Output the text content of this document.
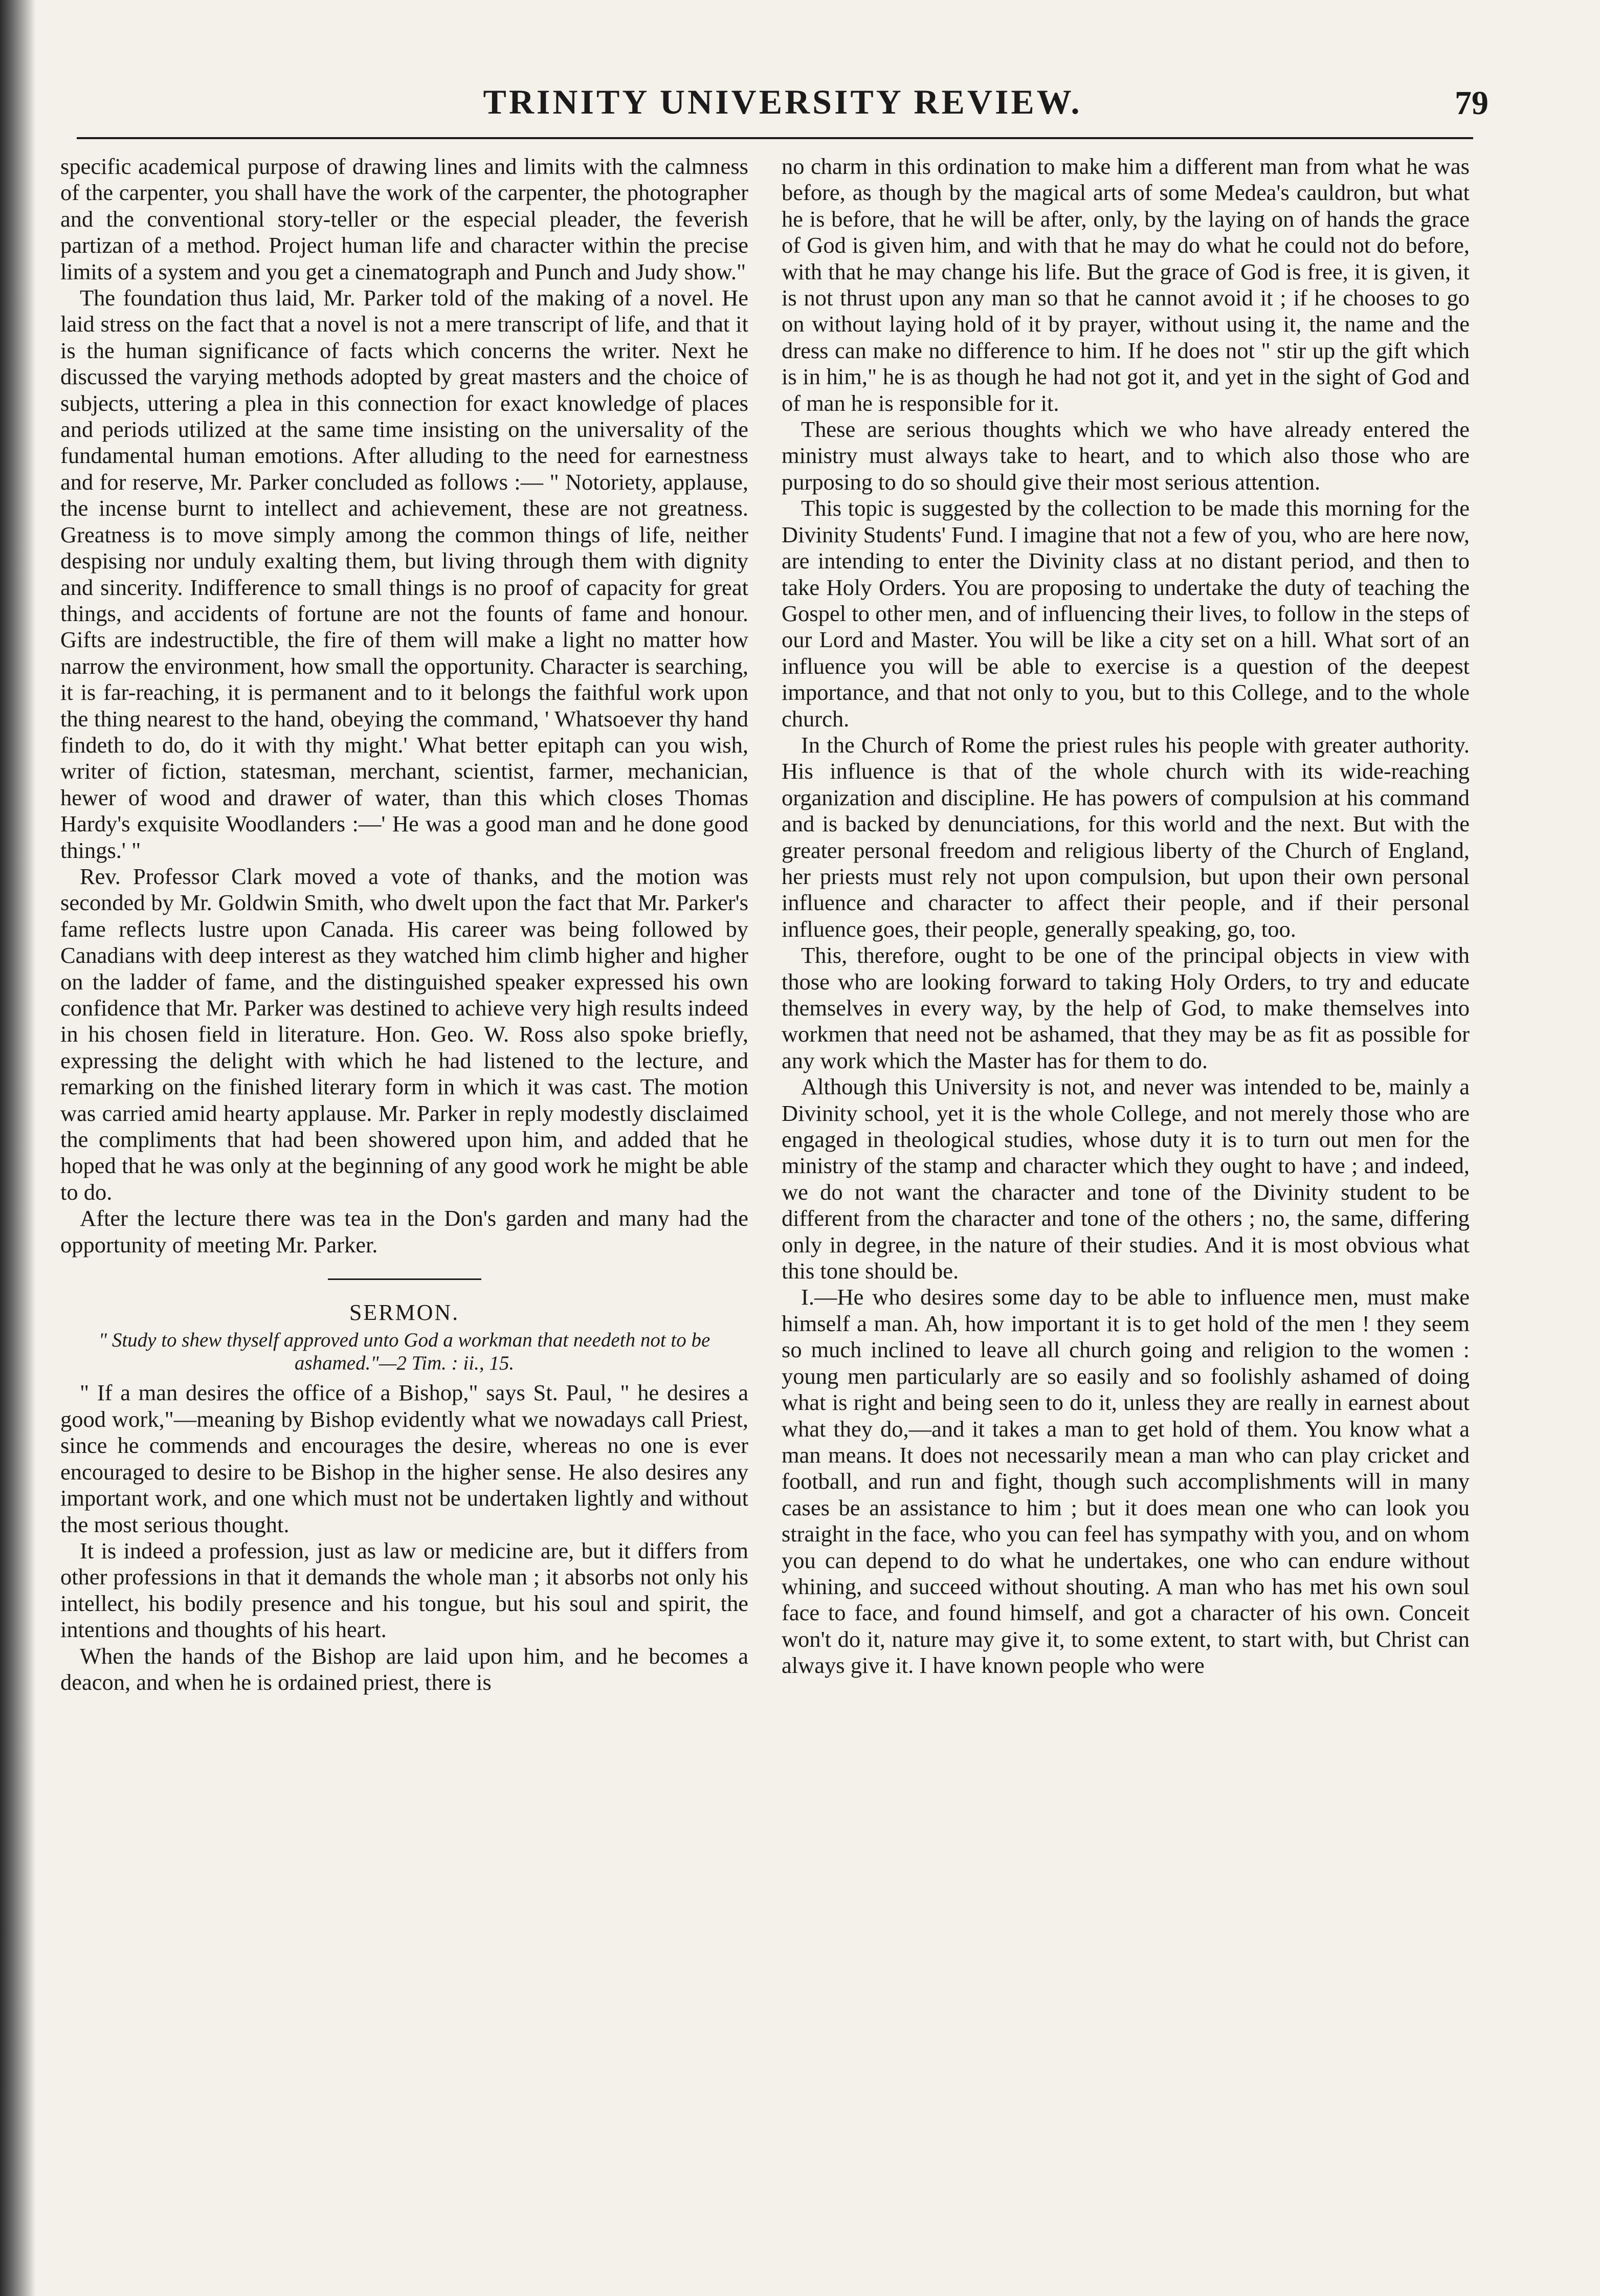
TRINITY UNIVERSITY REVIEW.	79

specific academical purpose of drawing lines and limits with the calmness of the carpenter, you shall have the work of the carpenter, the photographer and the conventional story-teller or the especial pleader, the feverish partizan of a method. Project human life and character within the precise limits of a system and you get a cinematograph and Punch and Judy show."

The foundation thus laid, Mr. Parker told of the making of a novel. He laid stress on the fact that a novel is not a mere transcript of life, and that it is the human significance of facts which concerns the writer. Next he discussed the varying methods adopted by great masters and the choice of subjects, uttering a plea in this connection for exact knowledge of places and periods utilized at the same time insisting on the universality of the fundamental human emotions. After alluding to the need for earnestness and for reserve, Mr. Parker concluded as follows :— " Notoriety, applause, the incense burnt to intellect and achievement, these are not greatness. Greatness is to move simply among the common things of life, neither despising nor unduly exalting them, but living through them with dignity and sincerity. Indifference to small things is no proof of capacity for great things, and accidents of fortune are not the founts of fame and honour. Gifts are indestructible, the fire of them will make a light no matter how narrow the environment, how small the opportunity. Character is searching, it is far-reaching, it is permanent and to it belongs the faithful work upon the thing nearest to the hand, obeying the command, ' Whatsoever thy hand findeth to do, do it with thy might.' What better epitaph can you wish, writer of fiction, statesman, merchant, scientist, farmer, mechanician, hewer of wood and drawer of water, than this which closes Thomas Hardy's exquisite Woodlanders :—' He was a good man and he done good things.' "

Rev. Professor Clark moved a vote of thanks, and the motion was seconded by Mr. Goldwin Smith, who dwelt upon the fact that Mr. Parker's fame reflects lustre upon Canada. His career was being followed by Canadians with deep interest as they watched him climb higher and higher on the ladder of fame, and the distinguished speaker expressed his own confidence that Mr. Parker was destined to achieve very high results indeed in his chosen field in literature. Hon. Geo. W. Ross also spoke briefly, expressing the delight with which he had listened to the lecture, and remarking on the finished literary form in which it was cast. The motion was carried amid hearty applause. Mr. Parker in reply modestly disclaimed the compliments that had been showered upon him, and added that he hoped that he was only at the beginning of any good work he might be able to do.

After the lecture there was tea in the Don's garden and many had the opportunity of meeting Mr. Parker.

SERMON.
" Study to shew thyself approved unto God a workman that needeth not to be ashamed."—2 Tim. : ii., 15.

" If a man desires the office of a Bishop," says St. Paul, " he desires a good work,"—meaning by Bishop evidently what we nowadays call Priest, since he commends and encourages the desire, whereas no one is ever encouraged to desire to be Bishop in the higher sense. He also desires any important work, and one which must not be undertaken lightly and without the most serious thought.

It is indeed a profession, just as law or medicine are, but it differs from other professions in that it demands the whole man ; it absorbs not only his intellect, his bodily presence and his tongue, but his soul and spirit, the intentions and thoughts of his heart.

When the hands of the Bishop are laid upon him, and he becomes a deacon, and when he is ordained priest, there is

no charm in this ordination to make him a different man from what he was before, as though by the magical arts of some Medea's cauldron, but what he is before, that he will be after, only, by the laying on of hands the grace of God is given him, and with that he may do what he could not do before, with that he may change his life. But the grace of God is free, it is given, it is not thrust upon any man so that he cannot avoid it ; if he chooses to go on without laying hold of it by prayer, without using it, the name and the dress can make no difference to him. If he does not " stir up the gift which is in him," he is as though he had not got it, and yet in the sight of God and of man he is responsible for it.

These are serious thoughts which we who have already entered the ministry must always take to heart, and to which also those who are purposing to do so should give their most serious attention.

This topic is suggested by the collection to be made this morning for the Divinity Students' Fund. I imagine that not a few of you, who are here now, are intending to enter the Divinity class at no distant period, and then to take Holy Orders. You are proposing to undertake the duty of teaching the Gospel to other men, and of influencing their lives, to follow in the steps of our Lord and Master. You will be like a city set on a hill. What sort of an influence you will be able to exercise is a question of the deepest importance, and that not only to you, but to this College, and to the whole church.

In the Church of Rome the priest rules his people with greater authority. His influence is that of the whole church with its wide-reaching organization and discipline. He has powers of compulsion at his command and is backed by denunciations, for this world and the next. But with the greater personal freedom and religious liberty of the Church of England, her priests must rely not upon compulsion, but upon their own personal influence and character to affect their people, and if their personal influence goes, their people, generally speaking, go, too.

This, therefore, ought to be one of the principal objects in view with those who are looking forward to taking Holy Orders, to try and educate themselves in every way, by the help of God, to make themselves into workmen that need not be ashamed, that they may be as fit as possible for any work which the Master has for them to do.

Although this University is not, and never was intended to be, mainly a Divinity school, yet it is the whole College, and not merely those who are engaged in theological studies, whose duty it is to turn out men for the ministry of the stamp and character which they ought to have ; and indeed, we do not want the character and tone of the Divinity student to be different from the character and tone of the others ; no, the same, differing only in degree, in the nature of their studies. And it is most obvious what this tone should be.

I.—He who desires some day to be able to influence men, must make himself a man. Ah, how important it is to get hold of the men ! they seem so much inclined to leave all church going and religion to the women : young men particularly are so easily and so foolishly ashamed of doing what is right and being seen to do it, unless they are really in earnest about what they do,—and it takes a man to get hold of them. You know what a man means. It does not necessarily mean a man who can play cricket and football, and run and fight, though such accomplishments will in many cases be an assistance to him ; but it does mean one who can look you straight in the face, who you can feel has sympathy with you, and on whom you can depend to do what he undertakes, one who can endure without whining, and succeed without shouting. A man who has met his own soul face to face, and found himself, and got a character of his own. Conceit won't do it, nature may give it, to some extent, to start with, but Christ can always give it. I have known people who were
